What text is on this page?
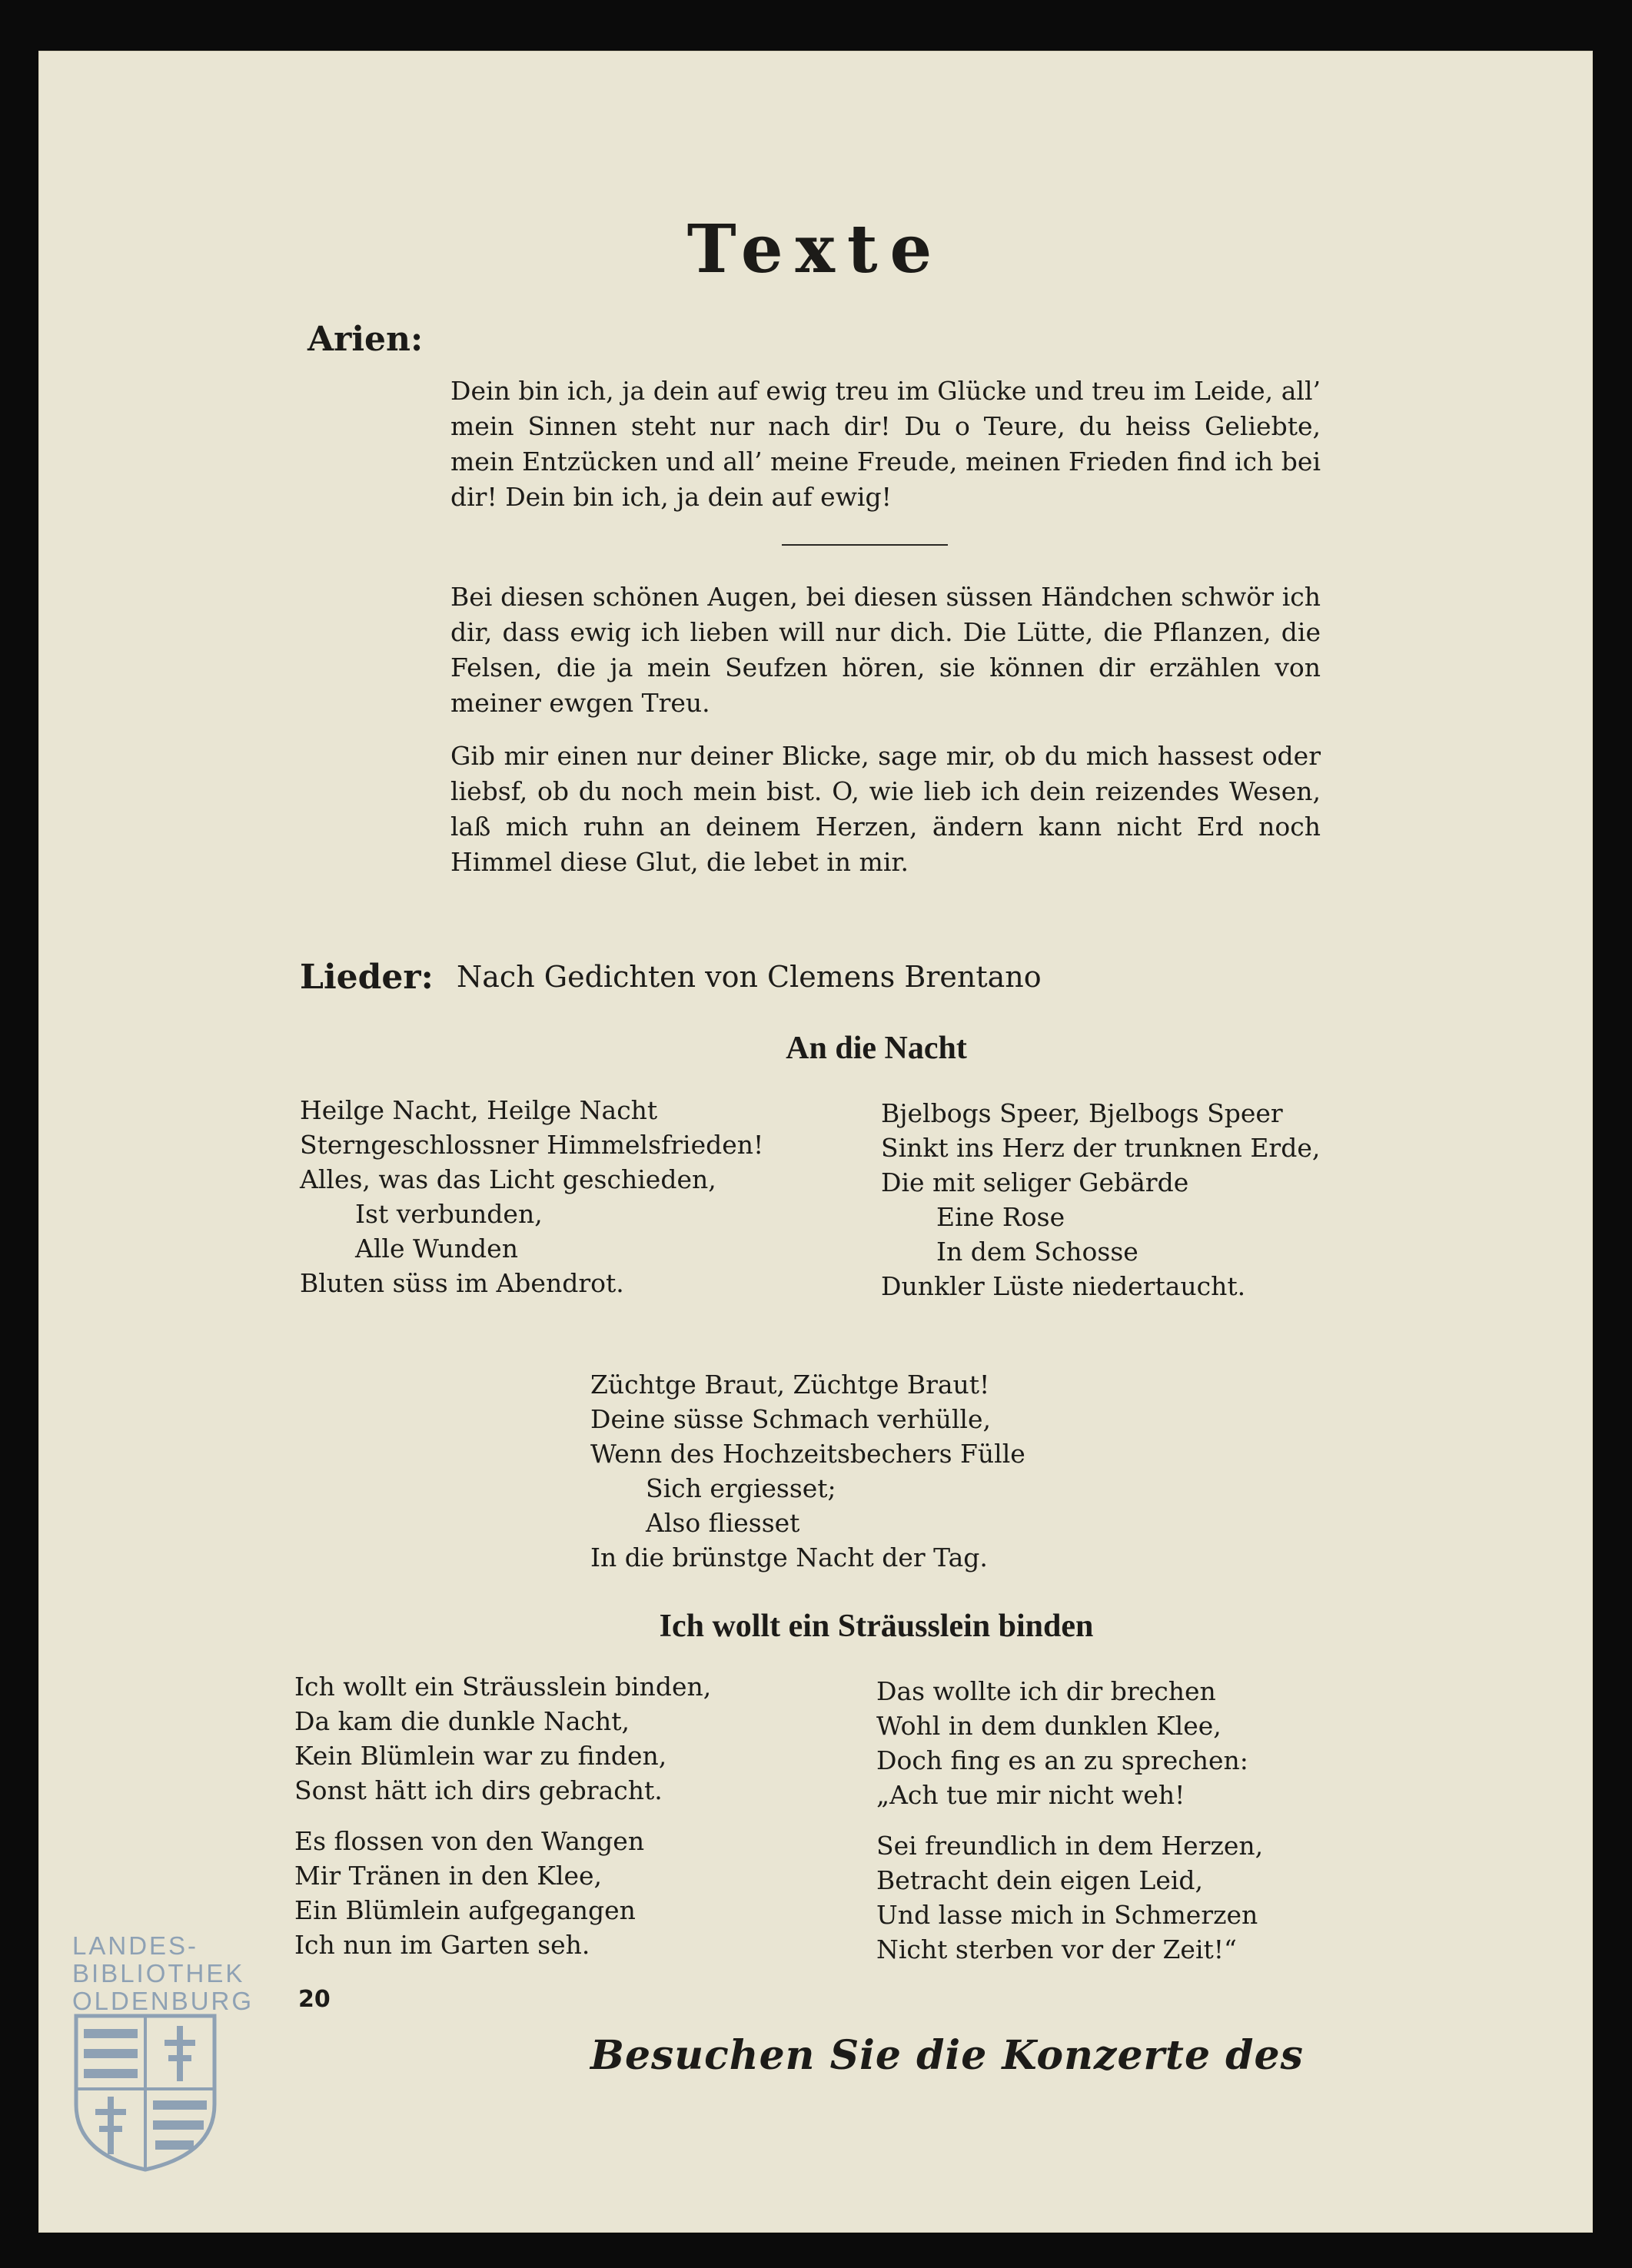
Texte
Arien:

Dein bin ich, ja dein auf ewig treu im Glücke und treu im Leide, all’ mein Sinnen steht nur nach dir! Du o Teure, du heiss Geliebte, mein Entzücken und all’ meine Freude, meinen Frieden find ich bei dir! Dein bin ich, ja dein auf ewig!

Bei diesen schönen Augen, bei diesen süssen Händchen schwör ich dir, dass ewig ich lieben will nur dich. Die Lütte, die Pflanzen, die Felsen, die ja mein Seufzen hören, sie können dir erzählen von meiner ewgen Treu.

Gib mir einen nur deiner Blicke, sage mir, ob du mich hassest oder liebsf, ob du noch mein bist. O, wie lieb ich dein reizendes Wesen, laß mich ruhn an deinem Herzen, ändern kann nicht Erd noch Himmel diese Glut, die lebet in mir.

Lieder: Nach Gedichten von Clemens Brentano
An die Nacht
Heilge Nacht, Heilge Nacht
Sterngeschlossner Himmelsfrieden!
Alles, was das Licht geschieden,
Ist verbunden,
Alle Wunden
Bluten süss im Abendrot.
Bjelbogs Speer, Bjelbogs Speer
Sinkt ins Herz der trunknen Erde,
Die mit seliger Gebärde
Eine Rose
In dem Schosse
Dunkler Lüste niedertaucht.
Züchtge Braut, Züchtge Braut!
Deine süsse Schmach verhülle,
Wenn des Hochzeitsbechers Fülle
Sich ergiesset;
Also fliesset
In die brünstge Nacht der Tag.
Ich wollt ein Sträusslein binden
Ich wollt ein Sträusslein binden,
Da kam die dunkle Nacht,
Kein Blümlein war zu finden,
Sonst hätt ich dirs gebracht.
Es flossen von den Wangen
Mir Tränen in den Klee,
Ein Blümlein aufgegangen
Ich nun im Garten seh.
Das wollte ich dir brechen
Wohl in dem dunklen Klee,
Doch fing es an zu sprechen:
„Ach tue mir nicht weh!
Sei freundlich in dem Herzen,
Betracht dein eigen Leid,
Und lasse mich in Schmerzen
Nicht sterben vor der Zeit!“
20
Besuchen Sie die Konzerte des
LANDES-
BIBLIOTHEK
OLDENBURG
